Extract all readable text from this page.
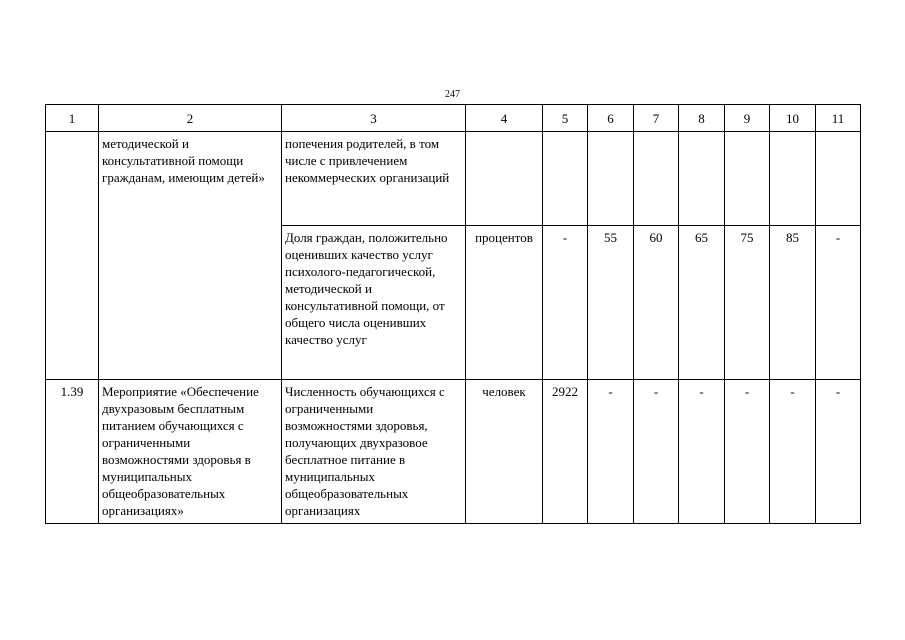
247
1	2	3	4	5	6	7	8	9	10	11
	методической и консультативной помощи гражданам, имеющим детей»	попечения родителей, в том числе с привлечением некоммерческих организаций								
		Доля граждан, положительно оценивших качество услуг психолого-педагогической, методической и консультативной помощи, от общего числа оценивших качество услуг	процентов	-	55	60	65	75	85	-
1.39	Мероприятие «Обеспечение двухразовым бесплатным питанием обучающихся с ограниченными возможностями здоровья в муниципальных общеобразовательных организациях»	Численность обучающихся с ограниченными возможностями здоровья, получающих двухразовое бесплатное питание в муниципальных общеобразовательных организациях	человек	2922	-	-	-	-	-	-
